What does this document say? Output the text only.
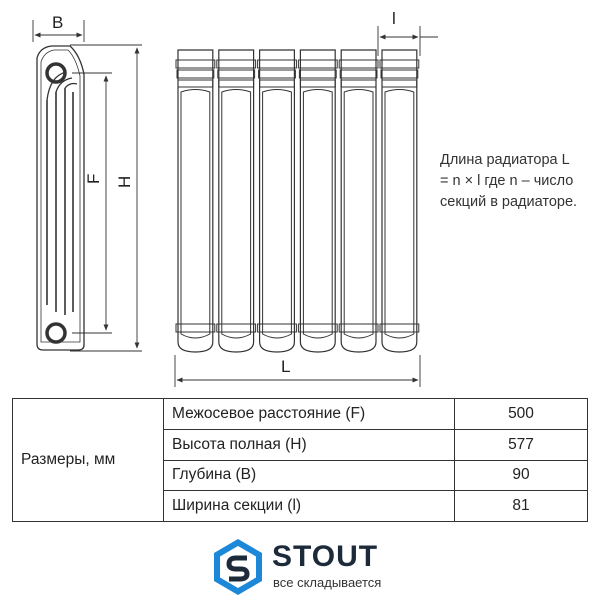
B
F H
l
L
Длина радиатора L
= n × l где n – число
секций в радиаторе.
Размеры, мм	Межосевое расстояние (F)	500
	Высота полная (H)	577
	Глубина (B)	90
	Ширина секции (l)	81
STOUT
все складывается
